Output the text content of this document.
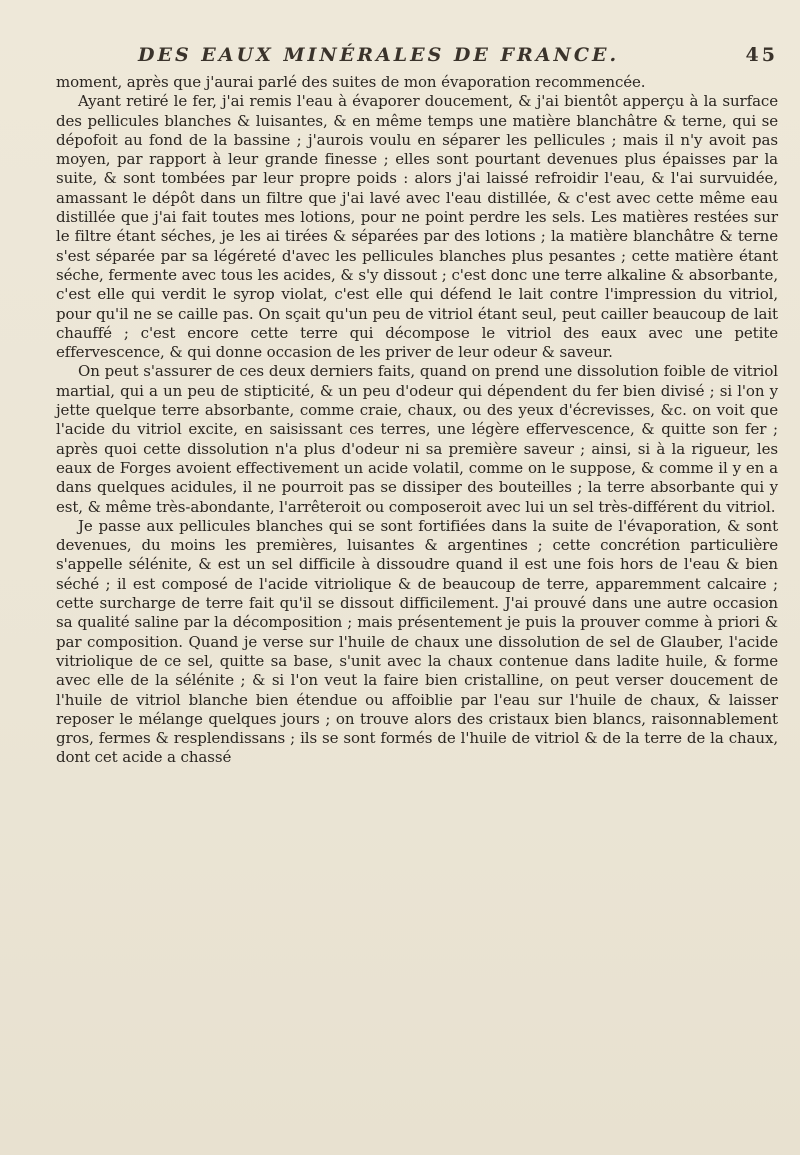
DES EAUX MINÉRALES DE FRANCE.	45

moment, après que j'aurai parlé des suites de mon évaporation recommencée.

Ayant retiré le fer, j'ai remis l'eau à évaporer doucement, & j'ai bientôt apperçu à la surface des pellicules blanches & luisantes, & en même temps une matière blanchâtre & terne, qui se dépofoit au fond de la bassine ; j'aurois voulu en séparer les pellicules ; mais il n'y avoit pas moyen, par rapport à leur grande finesse ; elles sont pourtant devenues plus épaisses par la suite, & sont tombées par leur propre poids : alors j'ai laissé refroidir l'eau, & l'ai survuidée, amassant le dépôt dans un filtre que j'ai lavé avec l'eau distillée, & c'est avec cette même eau distillée que j'ai fait toutes mes lotions, pour ne point perdre les sels. Les matières restées sur le filtre étant séches, je les ai tirées & séparées par des lotions ; la matière blanchâtre & terne s'est séparée par sa légéreté d'avec les pellicules blanches plus pesantes ; cette matière étant séche, fermente avec tous les acides, & s'y dissout ; c'est donc une terre alkaline & absorbante, c'est elle qui verdit le syrop violat, c'est elle qui défend le lait contre l'impression du vitriol, pour qu'il ne se caille pas. On sçait qu'un peu de vitriol étant seul, peut cailler beaucoup de lait chauffé ; c'est encore cette terre qui décompose le vitriol des eaux avec une petite effervescence, & qui donne occasion de les priver de leur odeur & saveur.

On peut s'assurer de ces deux derniers faits, quand on prend une dissolution foible de vitriol martial, qui a un peu de stipticité, & un peu d'odeur qui dépendent du fer bien divisé ; si l'on y jette quelque terre absorbante, comme craie, chaux, ou des yeux d'écrevisses, &c. on voit que l'acide du vitriol excite, en saisissant ces terres, une légère effervescence, & quitte son fer ; après quoi cette dissolution n'a plus d'odeur ni sa première saveur ; ainsi, si à la rigueur, les eaux de Forges avoient effectivement un acide volatil, comme on le suppose, & comme il y en a dans quelques acidules, il ne pourroit pas se dissiper des bouteilles ; la terre absorbante qui y est, & même très-abondante, l'arrêteroit ou composeroit avec lui un sel très-différent du vitriol.

Je passe aux pellicules blanches qui se sont fortifiées dans la suite de l'évaporation, & sont devenues, du moins les premières, luisantes & argentines ; cette concrétion particulière s'appelle sélénite, & est un sel difficile à dissoudre quand il est une fois hors de l'eau & bien séché ; il est composé de l'acide vitriolique & de beaucoup de terre, apparemment calcaire ; cette surcharge de terre fait qu'il se dissout difficilement. J'ai prouvé dans une autre occasion sa qualité saline par la décomposition ; mais présentement je puis la prouver comme à priori & par composition. Quand je verse sur l'huile de chaux une dissolution de sel de Glauber, l'acide vitriolique de ce sel, quitte sa base, s'unit avec la chaux contenue dans ladite huile, & forme avec elle de la sélénite ; & si l'on veut la faire bien cristalline, on peut verser doucement de l'huile de vitriol blanche bien étendue ou affoiblie par l'eau sur l'huile de chaux, & laisser reposer le mélange quelques jours ; on trouve alors des cristaux bien blancs, raisonnablement gros, fermes & resplendissans ; ils se sont formés de l'huile de vitriol & de la terre de la chaux, dont cet acide a chassé
